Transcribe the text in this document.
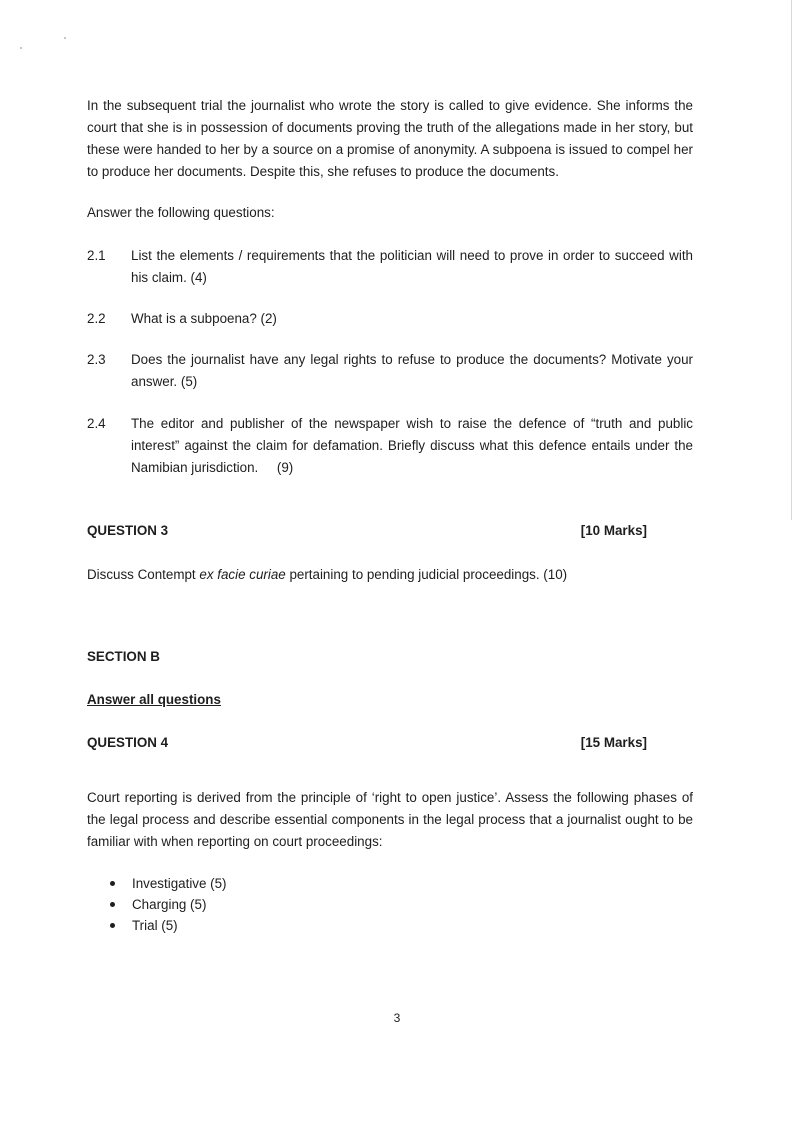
In the subsequent trial the journalist who wrote the story is called to give evidence. She informs the court that she is in possession of documents proving the truth of the allegations made in her story, but these were handed to her by a source on a promise of anonymity. A subpoena is issued to compel her to produce her documents. Despite this, she refuses to produce the documents.

Answer the following questions:

2.1 List the elements / requirements that the politician will need to prove in order to succeed with his claim. (4)
2.2 What is a subpoena? (2)
2.3 Does the journalist have any legal rights to refuse to produce the documents? Motivate your answer. (5)
2.4 The editor and publisher of the newspaper wish to raise the defence of “truth and public interest” against the claim for defamation. Briefly discuss what this defence entails under the Namibian jurisdiction.     (9)
QUESTION 3	[10 Marks]

Discuss Contempt ex facie curiae pertaining to pending judicial proceedings. (10)

SECTION B
Answer all questions
QUESTION 4	[15 Marks]

Court reporting is derived from the principle of ‘right to open justice’. Assess the following phases of the legal process and describe essential components in the legal process that a journalist ought to be familiar with when reporting on court proceedings:

Investigative (5)
Charging (5)
Trial (5)
3
